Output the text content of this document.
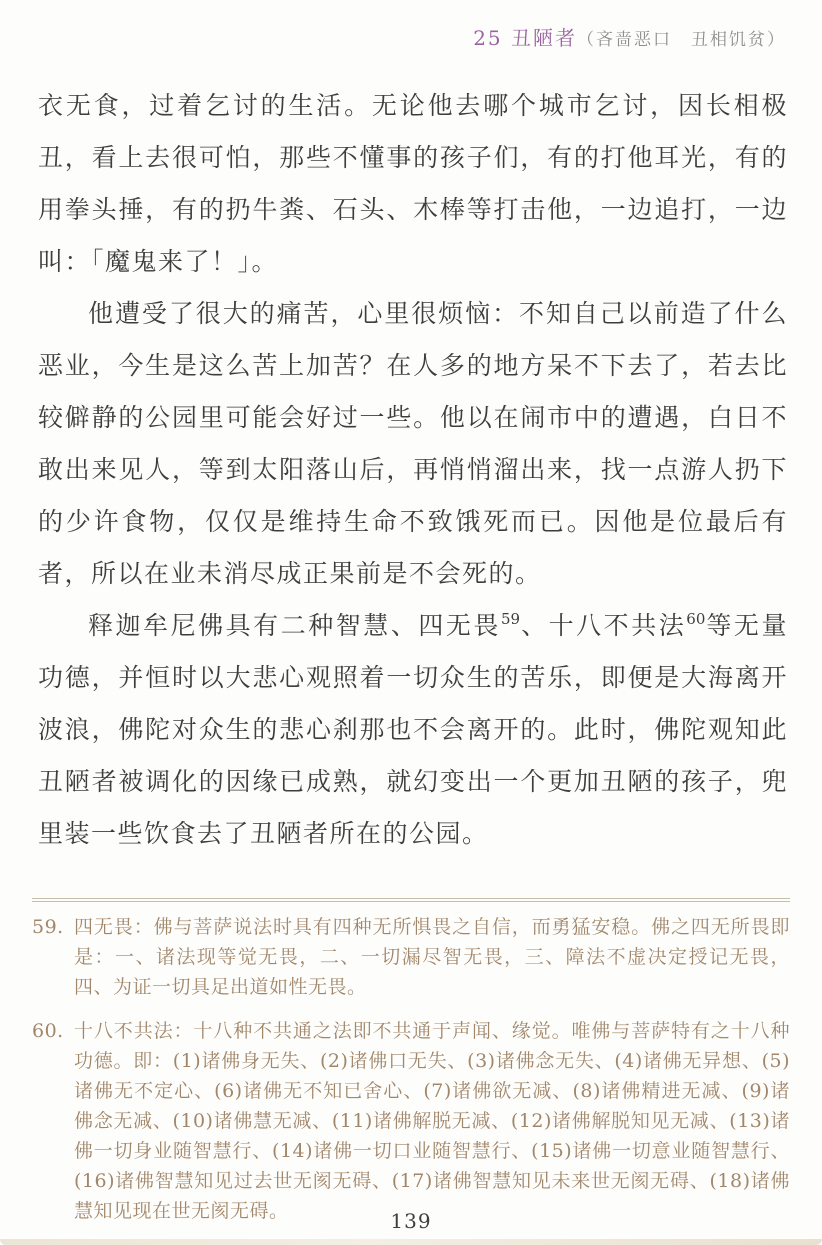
25 丑陋者（吝啬恶口　丑相饥贫）

衣无食，过着乞讨的生活。无论他去哪个城市乞讨，因长相极丑，看上去很可怕，那些不懂事的孩子们，有的打他耳光，有的用拳头捶，有的扔牛粪、石头、木棒等打击他，一边追打，一边叫：「魔鬼来了！」。

他遭受了很大的痛苦，心里很烦恼：不知自己以前造了什么恶业，今生是这么苦上加苦？在人多的地方呆不下去了，若去比较僻静的公园里可能会好过一些。他以在闹市中的遭遇，白日不敢出来见人，等到太阳落山后，再悄悄溜出来，找一点游人扔下的少许食物，仅仅是维持生命不致饿死而已。因他是位最后有者，所以在业未消尽成正果前是不会死的。

释迦牟尼佛具有二种智慧、四无畏$^{59}$、十八不共法$^{60}$等无量功德，并恒时以大悲心观照着一切众生的苦乐，即便是大海离开波浪，佛陀对众生的悲心刹那也不会离开的。此时，佛陀观知此丑陋者被调化的因缘已成熟，就幻变出一个更加丑陋的孩子，兜里装一些饮食去了丑陋者所在的公园。

59. 四无畏：佛与菩萨说法时具有四种无所惧畏之自信，而勇猛安稳。佛之四无所畏即是：一、诸法现等觉无畏，二、一切漏尽智无畏，三、障法不虚决定授记无畏，四、为证一切具足出道如性无畏。
60. 十八不共法：十八种不共通之法即不共通于声闻、缘觉。唯佛与菩萨特有之十八种功德。即：(1)诸佛身无失、(2)诸佛口无失、(3)诸佛念无失、(4)诸佛无异想、(5)诸佛无不定心、(6)诸佛无不知已舍心、(7)诸佛欲无减、(8)诸佛精进无减、(9)诸佛念无减、(10)诸佛慧无减、(11)诸佛解脱无减、(12)诸佛解脱知见无减、(13)诸佛一切身业随智慧行、(14)诸佛一切口业随智慧行、(15)诸佛一切意业随智慧行、(16)诸佛智慧知见过去世无阂无碍、(17)诸佛智慧知见未来世无阂无碍、(18)诸佛慧知见现在世无阂无碍。	139
